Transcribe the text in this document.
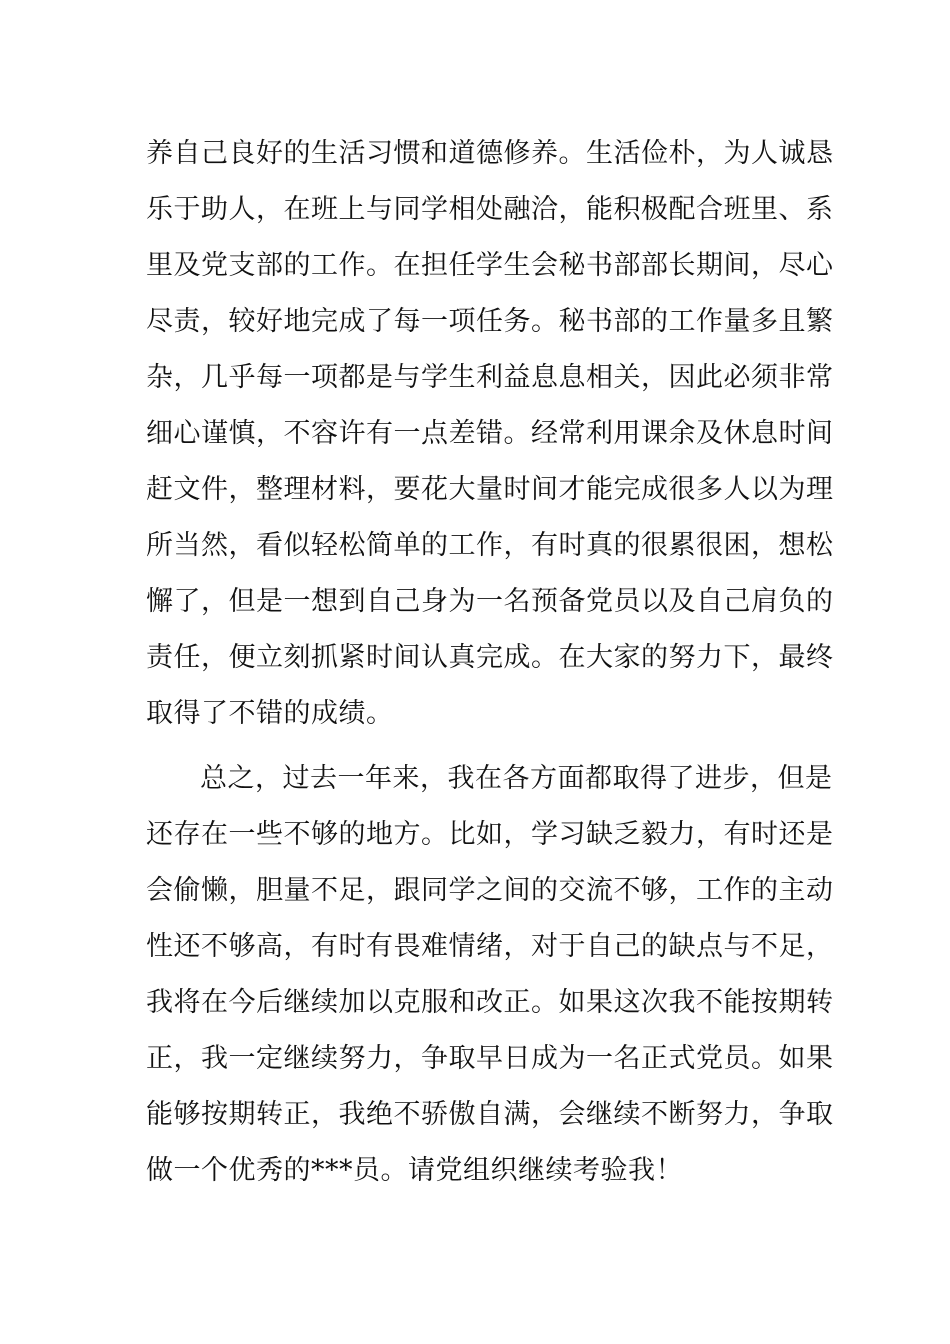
养自己良好的生活习惯和道德修养。生活俭朴，为人诚恳
乐于助人，在班上与同学相处融洽，能积极配合班里、系
里及党支部的工作。在担任学生会秘书部部长期间，尽心
尽责，较好地完成了每一项任务。秘书部的工作量多且繁
杂，几乎每一项都是与学生利益息息相关，因此必须非常
细心谨慎，不容许有一点差错。经常利用课余及休息时间
赶文件，整理材料，要花大量时间才能完成很多人以为理
所当然，看似轻松简单的工作，有时真的很累很困，想松
懈了，但是一想到自己身为一名预备党员以及自己肩负的
责任，便立刻抓紧时间认真完成。在大家的努力下，最终
取得了不错的成绩。
总之，过去一年来，我在各方面都取得了进步，但是
还存在一些不够的地方。比如，学习缺乏毅力，有时还是
会偷懒，胆量不足，跟同学之间的交流不够，工作的主动
性还不够高，有时有畏难情绪，对于自己的缺点与不足，
我将在今后继续加以克服和改正。如果这次我不能按期转
正，我一定继续努力，争取早日成为一名正式党员。如果
能够按期转正，我绝不骄傲自满，会继续不断努力，争取
做一个优秀的***员。请党组织继续考验我！
